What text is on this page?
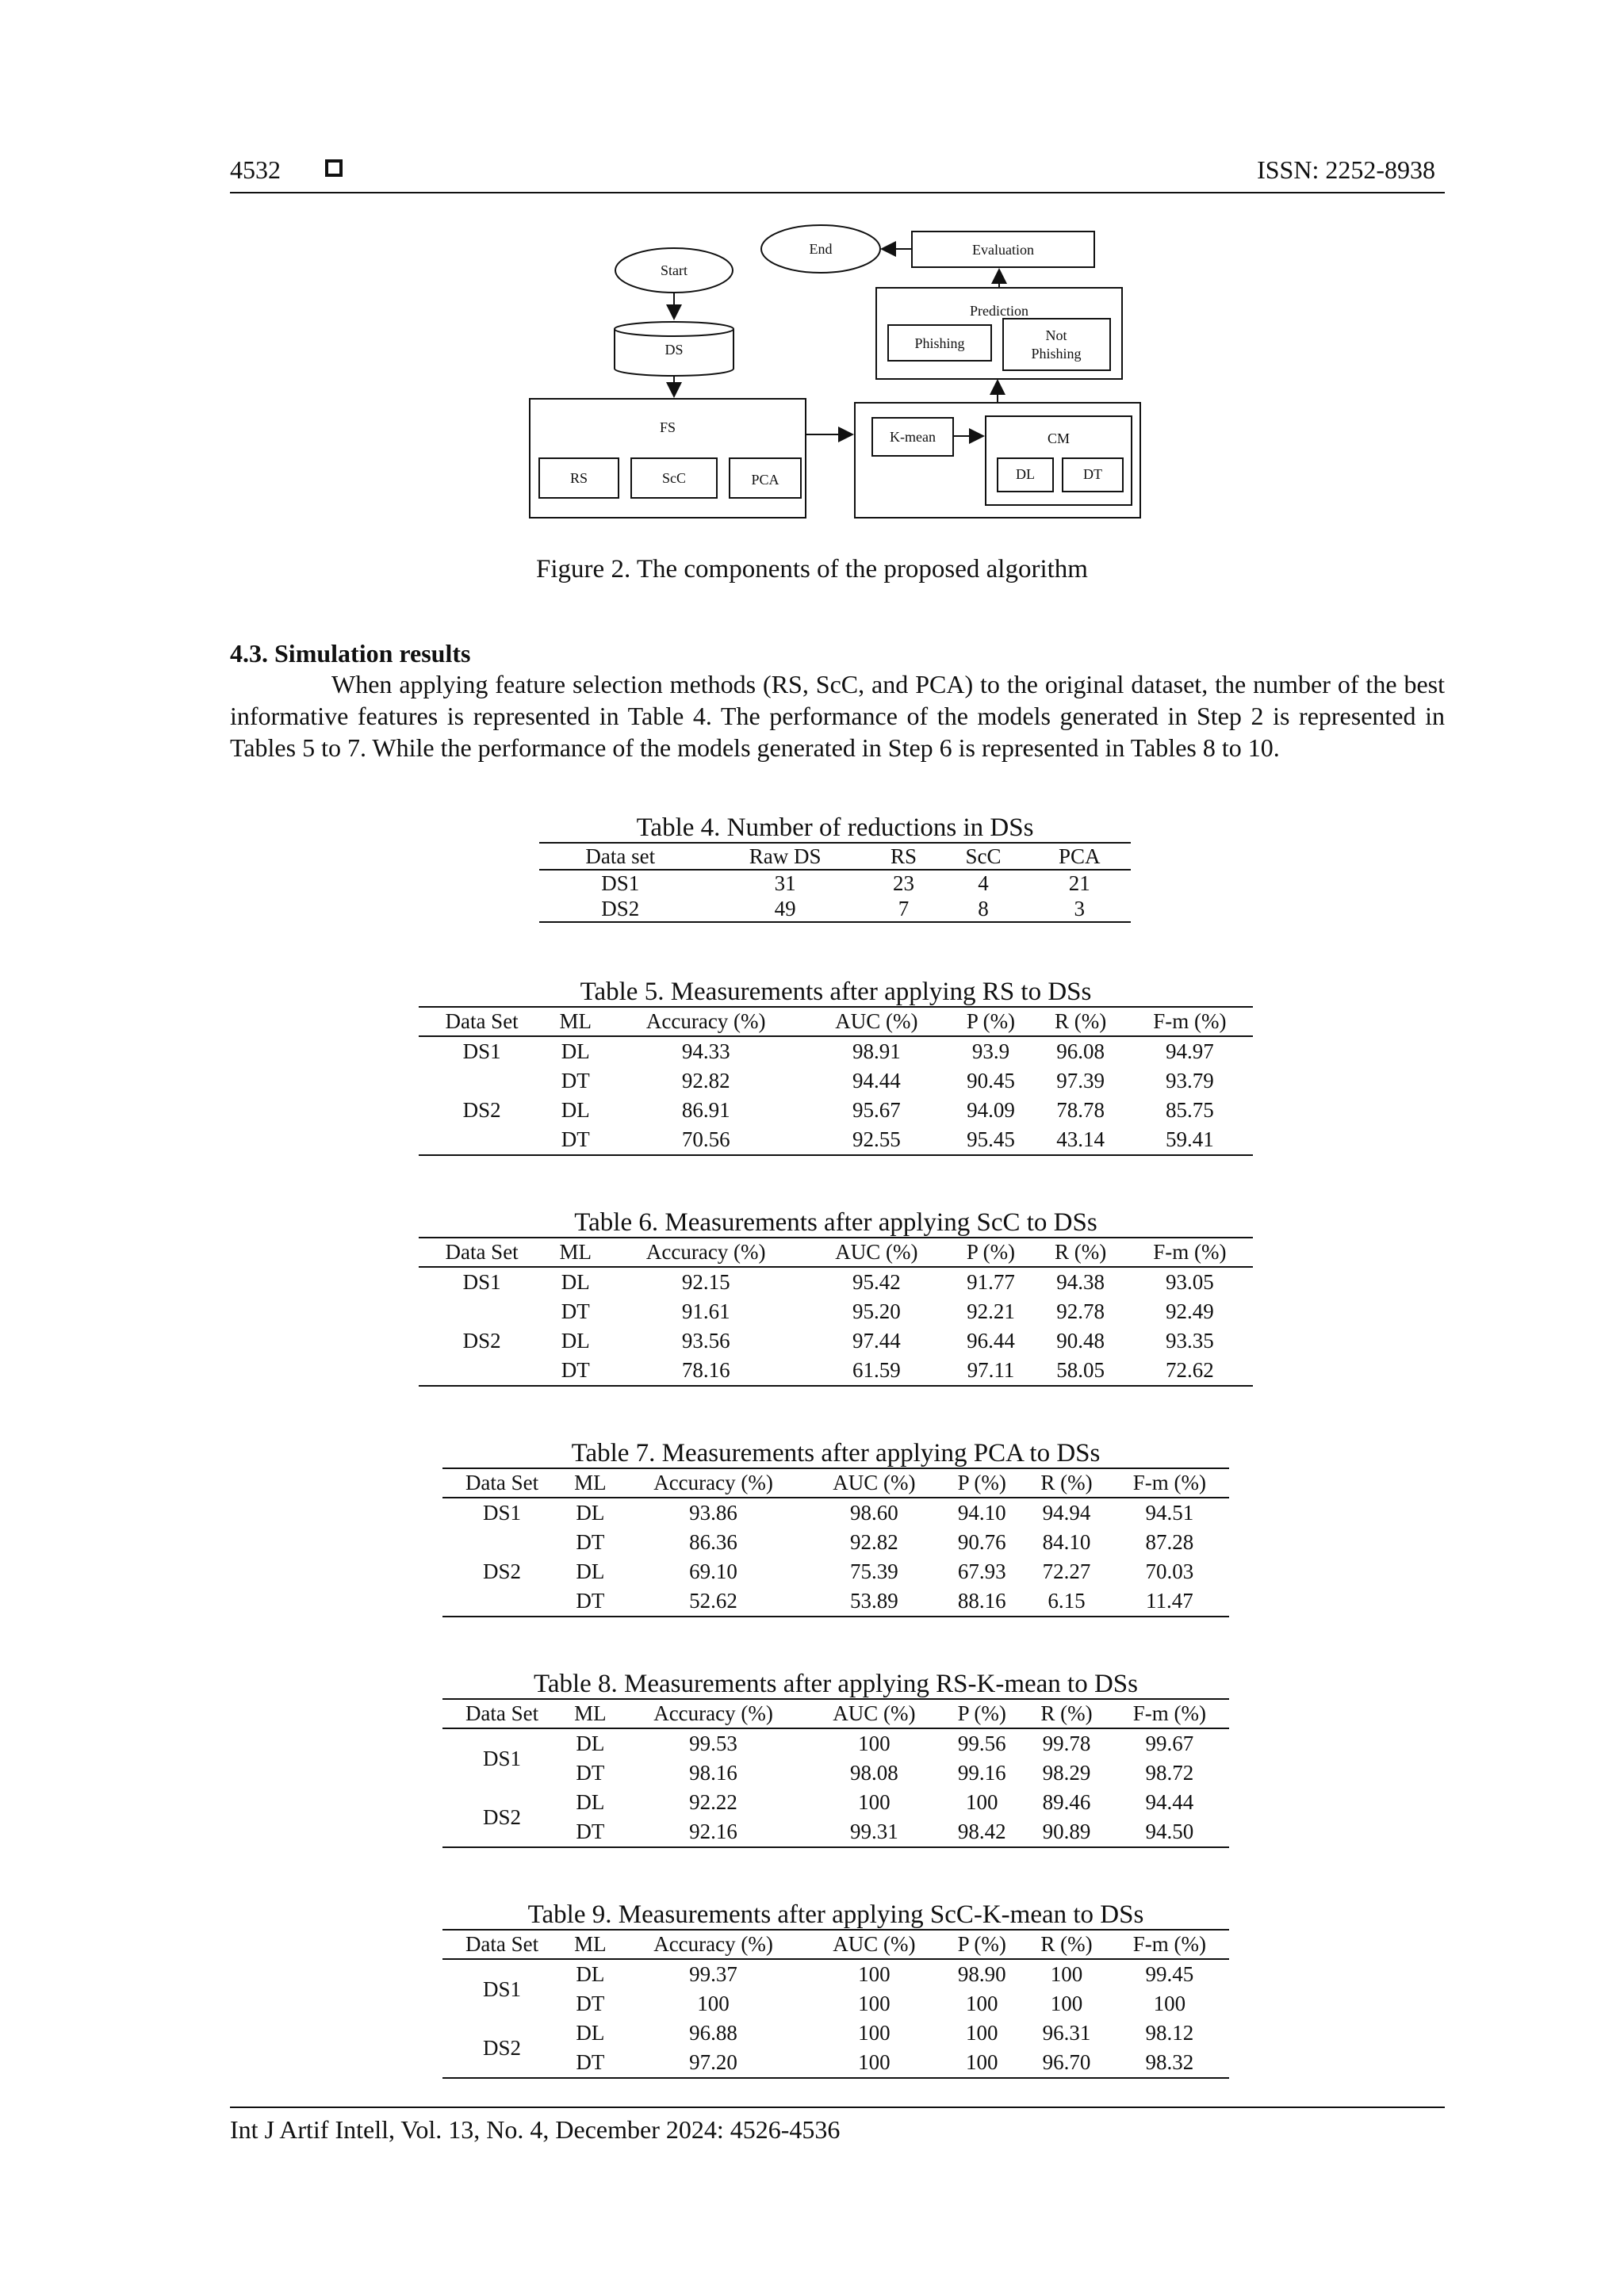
4532	ISSN: 2252-8938
Start
DS
FS
RS	ScC	PCA
K-mean	CM
DL	DT
Prediction
Phishing	Not
Phishing
Evaluation
End
Figure 2. The components of the proposed algorithm
4.3. Simulation results

When applying feature selection methods (RS, ScC, and PCA) to the original dataset, the number of the best informative features is represented in Table 4. The performance of the models generated in Step 2 is represented in Tables 5 to 7. While the performance of the models generated in Step 6 is represented in Tables 8 to 10.

Table 4. Number of reductions in DSs
Data set	Raw DS	RS	ScC	PCA
DS1	31	23	4	21
DS2	49	7	8	3
Table 5. Measurements after applying RS to DSs
Data Set	ML	Accuracy (%)	AUC (%)	P (%)	R (%)	F-m (%)
DS1	DL	94.33	98.91	93.9	96.08	94.97
	DT	92.82	94.44	90.45	97.39	93.79
DS2	DL	86.91	95.67	94.09	78.78	85.75
	DT	70.56	92.55	95.45	43.14	59.41
Table 6. Measurements after applying ScC to DSs
Data Set	ML	Accuracy (%)	AUC (%)	P (%)	R (%)	F-m (%)
DS1	DL	92.15	95.42	91.77	94.38	93.05
	DT	91.61	95.20	92.21	92.78	92.49
DS2	DL	93.56	97.44	96.44	90.48	93.35
	DT	78.16	61.59	97.11	58.05	72.62
Table 7. Measurements after applying PCA to DSs
Data Set	ML	Accuracy (%)	AUC (%)	P (%)	R (%)	F-m (%)
DS1	DL	93.86	98.60	94.10	94.94	94.51
	DT	86.36	92.82	90.76	84.10	87.28
DS2	DL	69.10	75.39	67.93	72.27	70.03
	DT	52.62	53.89	88.16	6.15	11.47
Table 8. Measurements after applying RS-K-mean to DSs
Data Set	ML	Accuracy (%)	AUC (%)	P (%)	R (%)	F-m (%)
DS1	DL	99.53	100	99.56	99.78	99.67
	DT	98.16	98.08	99.16	98.29	98.72
DS2	DL	92.22	100	100	89.46	94.44
	DT	92.16	99.31	98.42	90.89	94.50
Table 9. Measurements after applying ScC-K-mean to DSs
Data Set	ML	Accuracy (%)	AUC (%)	P (%)	R (%)	F-m (%)
DS1	DL	99.37	100	98.90	100	99.45
	DT	100	100	100	100	100
DS2	DL	96.88	100	100	96.31	98.12
	DT	97.20	100	100	96.70	98.32
Int J Artif Intell, Vol. 13, No. 4, December 2024: 4526-4536
